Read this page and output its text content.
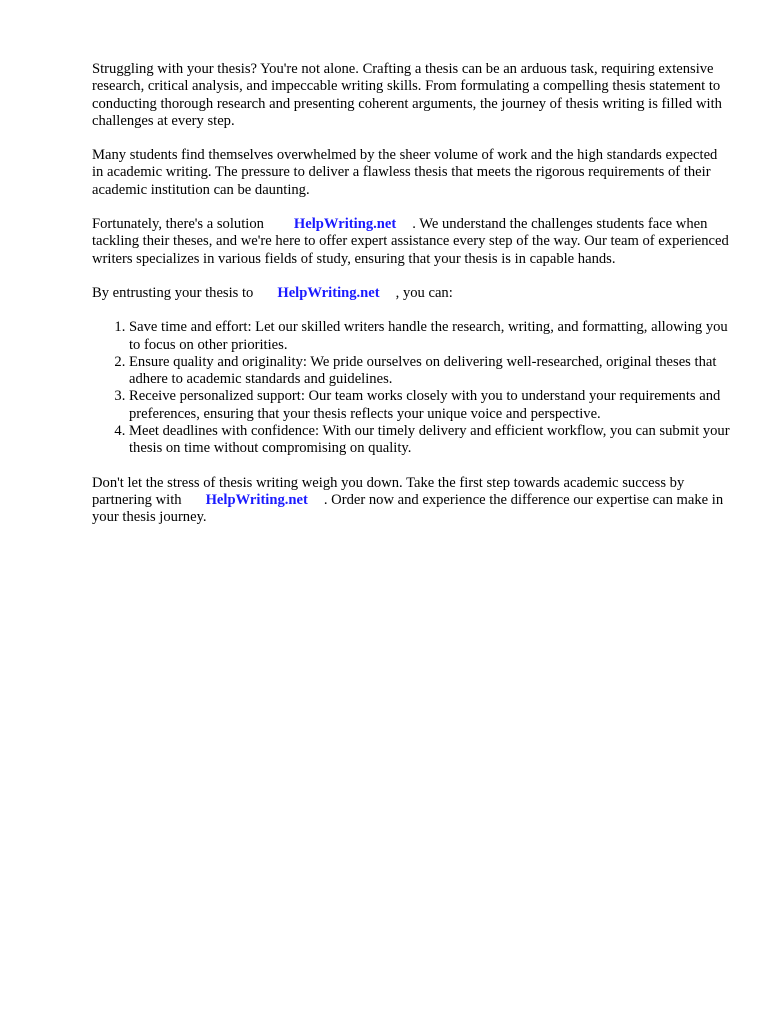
Struggling with your thesis? You're not alone. Crafting a thesis can be an arduous task, requiring extensive research, critical analysis, and impeccable writing skills. From formulating a compelling thesis statement to conducting thorough research and presenting coherent arguments, the journey of thesis writing is filled with challenges at every step.

Many students find themselves overwhelmed by the sheer volume of work and the high standards expected in academic writing. The pressure to deliver a flawless thesis that meets the rigorous requirements of their academic institution can be daunting.

Fortunately, there's a solution HelpWriting.net . We understand the challenges students face when tackling their theses, and we're here to offer expert assistance every step of the way. Our team of experienced writers specializes in various fields of study, ensuring that your thesis is in capable hands.

By entrusting your thesis to HelpWriting.net , you can:

1. Save time and effort: Let our skilled writers handle the research, writing, and formatting, allowing you to focus on other priorities.
2. Ensure quality and originality: We pride ourselves on delivering well-researched, original theses that adhere to academic standards and guidelines.
3. Receive personalized support: Our team works closely with you to understand your requirements and preferences, ensuring that your thesis reflects your unique voice and perspective.
4. Meet deadlines with confidence: With our timely delivery and efficient workflow, you can submit your thesis on time without compromising on quality.

Don't let the stress of thesis writing weigh you down. Take the first step towards academic success by partnering with HelpWriting.net . Order now and experience the difference our expertise can make in your thesis journey.
